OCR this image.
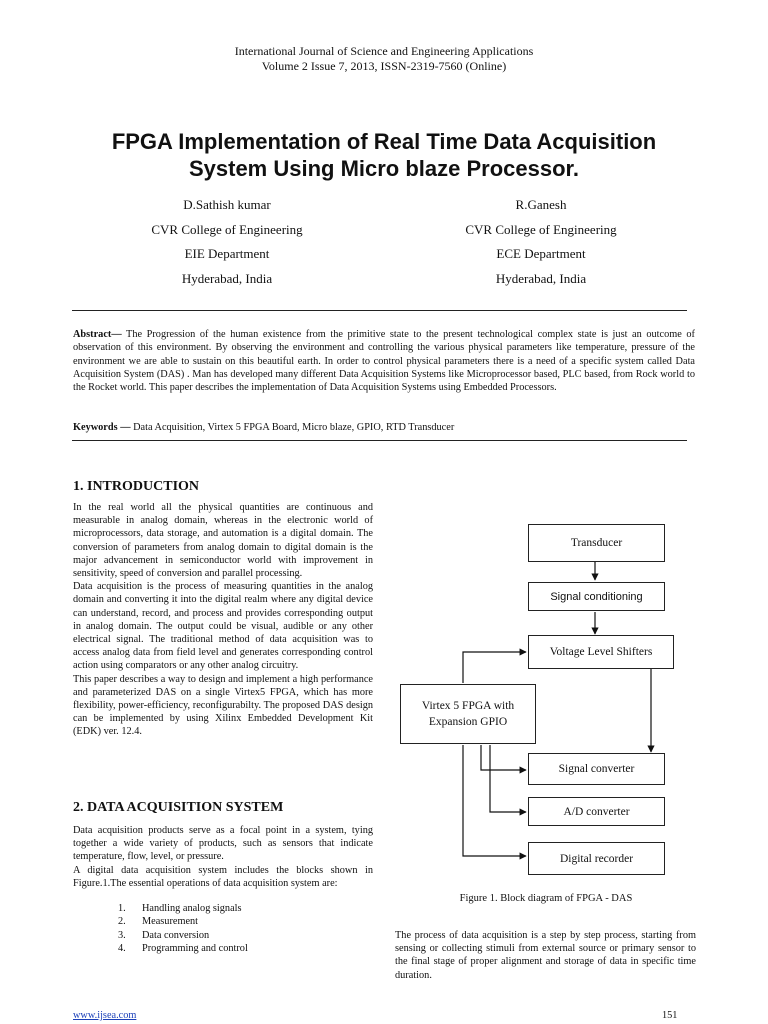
International Journal of Science and Engineering Applications
Volume 2 Issue 7, 2013, ISSN-2319-7560 (Online)
FPGA Implementation of Real Time Data Acquisition
System Using Micro blaze Processor.
D.Sathish kumar
CVR College of Engineering
EIE Department
Hyderabad, India
R.Ganesh
CVR College of Engineering
ECE Department
Hyderabad, India
Abstract— The Progression of the human existence from the primitive state to the present technological complex state is just an outcome of observation of this environment. By observing the environment and controlling the various physical parameters like temperature, pressure of the environment we are able to sustain on this beautiful earth. In order to control physical parameters there is a need of a specific system called Data Acquisition System (DAS) . Man has developed many different Data Acquisition Systems like Microprocessor based, PLC based, from Rock world to the Rocket world. This paper describes the implementation of Data Acquisition Systems using Embedded Processors.
Keywords — Data Acquisition, Virtex 5 FPGA Board, Micro blaze, GPIO, RTD Transducer
1. INTRODUCTION

In the real world all the physical quantities are continuous and measurable in analog domain, whereas in the electronic world of microprocessors, data storage, and automation is a digital domain. The conversion of parameters from analog domain to digital domain is the major advancement in semiconductor world with improvement in sensitivity, speed of conversion and parallel processing.

Data acquisition is the process of measuring quantities in the analog domain and converting it into the digital realm where any digital device can understand, record, and process and provides corresponding output in analog domain. The output could be visual, audible or any other electrical signal. The traditional method of data acquisition was to access analog data from field level and generates corresponding control action using comparators or any other analog circuitry.

This paper describes a way to design and implement a high performance and parameterized DAS on a single Virtex5 FPGA, which has more flexibility, power-efficiency, reconfigurabilty. The proposed DAS design can be implemented by using Xilinx Embedded Development Kit (EDK) ver. 12.4.

2. DATA ACQUISITION SYSTEM

Data acquisition products serve as a focal point in a system, tying together a wide variety of products, such as sensors that indicate temperature, flow, level, or pressure.

A digital data acquisition system includes the blocks shown in Figure.1.The essential operations of data acquisition system are:

1.	Handling analog signals
2.	Measurement
3.	Data conversion
4.	Programming and control
Transducer
Signal conditioning
Voltage Level Shifters
Virtex 5 FPGA with
Expansion GPIO
Signal converter
A/D converter
Digital recorder
Figure 1. Block diagram of FPGA - DAS

The process of data acquisition is a step by step process, starting from sensing or collecting stimuli from external source or primary sensor to the final stage of proper alignment and storage of data in specific time duration.

www.ijsea.com	151
